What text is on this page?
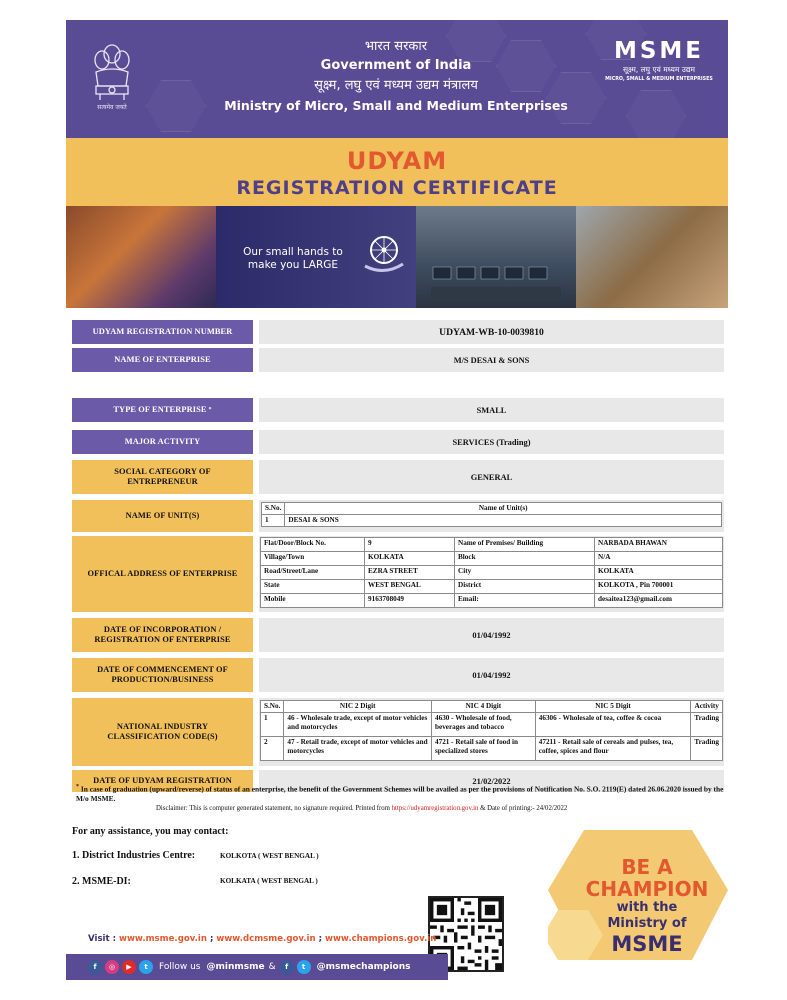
सत्यमेव जयते
भारत सरकार
Government of India
सूक्ष्म, लघु एवं मध्यम उद्यम मंत्रालय
Ministry of Micro, Small and Medium Enterprises
MSME
सूक्ष्म, लघु एवं मध्यम उद्यम
MICRO, SMALL & MEDIUM ENTERPRISES
UDYAM
REGISTRATION CERTIFICATE
Our small hands to
make you LARGE
UDYAM REGISTRATION NUMBER	UDYAM-WB-10-0039810
NAME OF ENTERPRISE	M/S DESAI & SONS
TYPE OF ENTERPRISE *	SMALL
MAJOR ACTIVITY	SERVICES (Trading)
SOCIAL CATEGORY OF
ENTREPRENEUR	GENERAL
NAME OF UNIT(S)
S.No.	Name of Unit(s)
1	DESAI & SONS
OFFICAL ADDRESS OF ENTERPRISE
Flat/Door/Block No.	9	Name of Premises/ Building	NARBADA BHAWAN
Village/Town	KOLKATA	Block	N/A
Road/Street/Lane	EZRA STREET	City	KOLKATA
State	WEST BENGAL	District	KOLKOTA , Pin 700001
Mobile	9163708049	Email:	desaitea123@gmail.com
DATE OF INCORPORATION /
REGISTRATION OF ENTERPRISE	01/04/1992
DATE OF COMMENCEMENT OF
PRODUCTION/BUSINESS	01/04/1992
NATIONAL INDUSTRY
CLASSIFICATION CODE(S)
S.No.	NIC 2 Digit	NIC 4 Digit	NIC 5 Digit	Activity
1	46 - Wholesale trade, except of motor vehicles and motorcycles	4630 - Wholesale of food, beverages and tobacco	46306 - Wholesale of tea, coffee & cocoa	Trading
2	47 - Retail trade, except of motor vehicles and motorcycles	4721 - Retail sale of food in specialized stores	47211 - Retail sale of cereals and pulses, tea, coffee, spices and flour	Trading
DATE OF UDYAM REGISTRATION	21/02/2022
* In case of graduation (upward/reverse) of status of an enterprise, the benefit of the Government Schemes will be availed as per the provisions of Notification No. S.O. 2119(E) dated 26.06.2020 issued by the M/o MSME.
Disclaimer: This is computer generated statement, no signature required. Printed from https://udyamregistration.gov.in & Date of printing:- 24/02/2022
For any assistance, you may contact:
1. District Industries Centre:	KOLKOTA ( WEST BENGAL )
2. MSME-DI:	KOLKATA ( WEST BENGAL )
BE A
CHAMPION
with the
Ministry of
MSME
Visit : www.msme.gov.in ; www.dcmsme.gov.in ; www.champions.gov.in
f	◎	▶	t	Follow us @minmsme &	f	t	@msmechampions
